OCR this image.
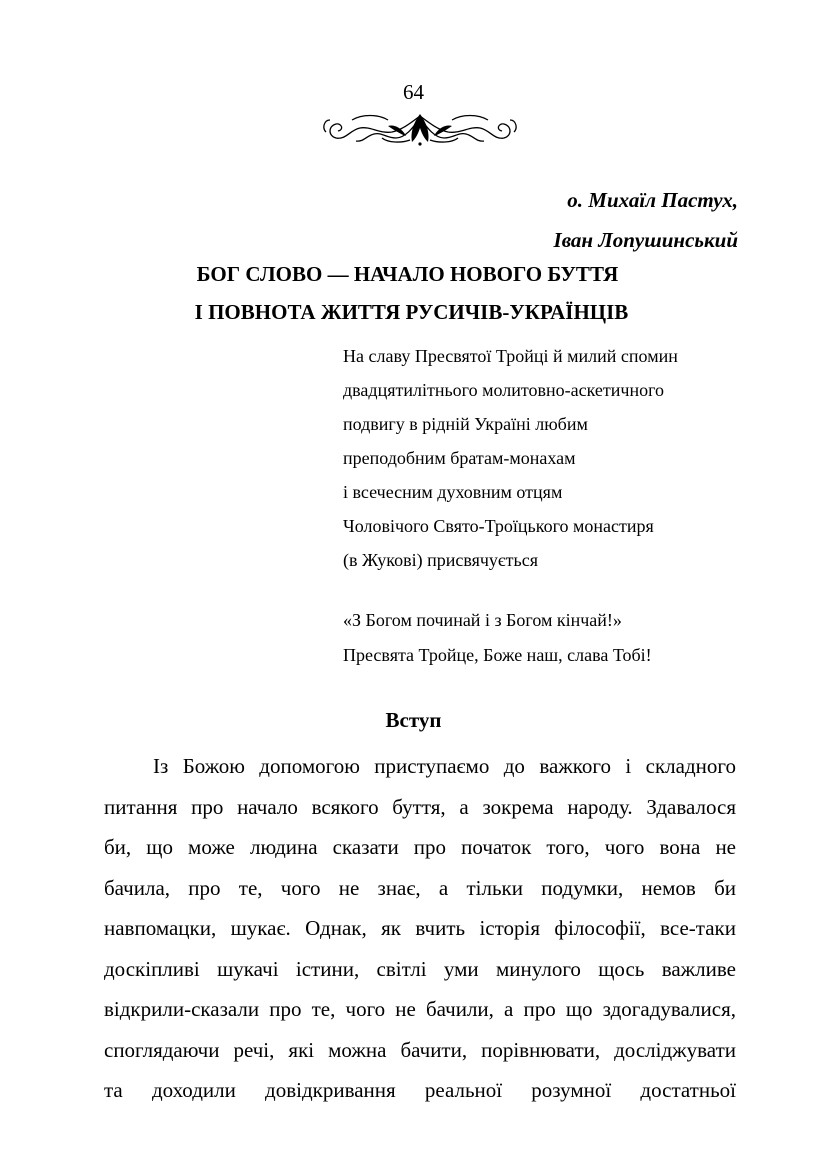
64
о. Михаїл Пастух,
Іван Лопушинський
БОГ СЛОВО — НАЧАЛО НОВОГО БУТТЯ
І ПОВНОТА ЖИТТЯ РУСИЧІВ-УКРАЇНЦІВ
На славу Пресвятої Тройці й милий спомин
двадцятилітнього молитовно-аскетичного
подвигу в рідній Україні любим
преподобним братам-монахам
і всечесним духовним отцям
Чоловічого Свято-Троїцького монастиря
(в Жукові) присвячується
«З Богом починай і з Богом кінчай!»
Пресвята Тройце, Боже наш, слава Тобі!
Вступ
Із Божою допомогою приступаємо до важкого і складного
питання про начало всякого буття, а зокрема народу. Здавалося
би, що може людина сказати про початок того, чого вона не
бачила, про те, чого не знає, а тільки подумки, немов би
навпомацки, шукає. Однак, як вчить історія філософії, все-таки
доскіпливі шукачі істини, світлі уми минулого щось важливе
відкрили-сказали про те, чого не бачили, а про що здогадувалися,
споглядаючи речі, які можна бачити, порівнювати, досліджувати
та доходили довідкривання реальної розумної достатньої
